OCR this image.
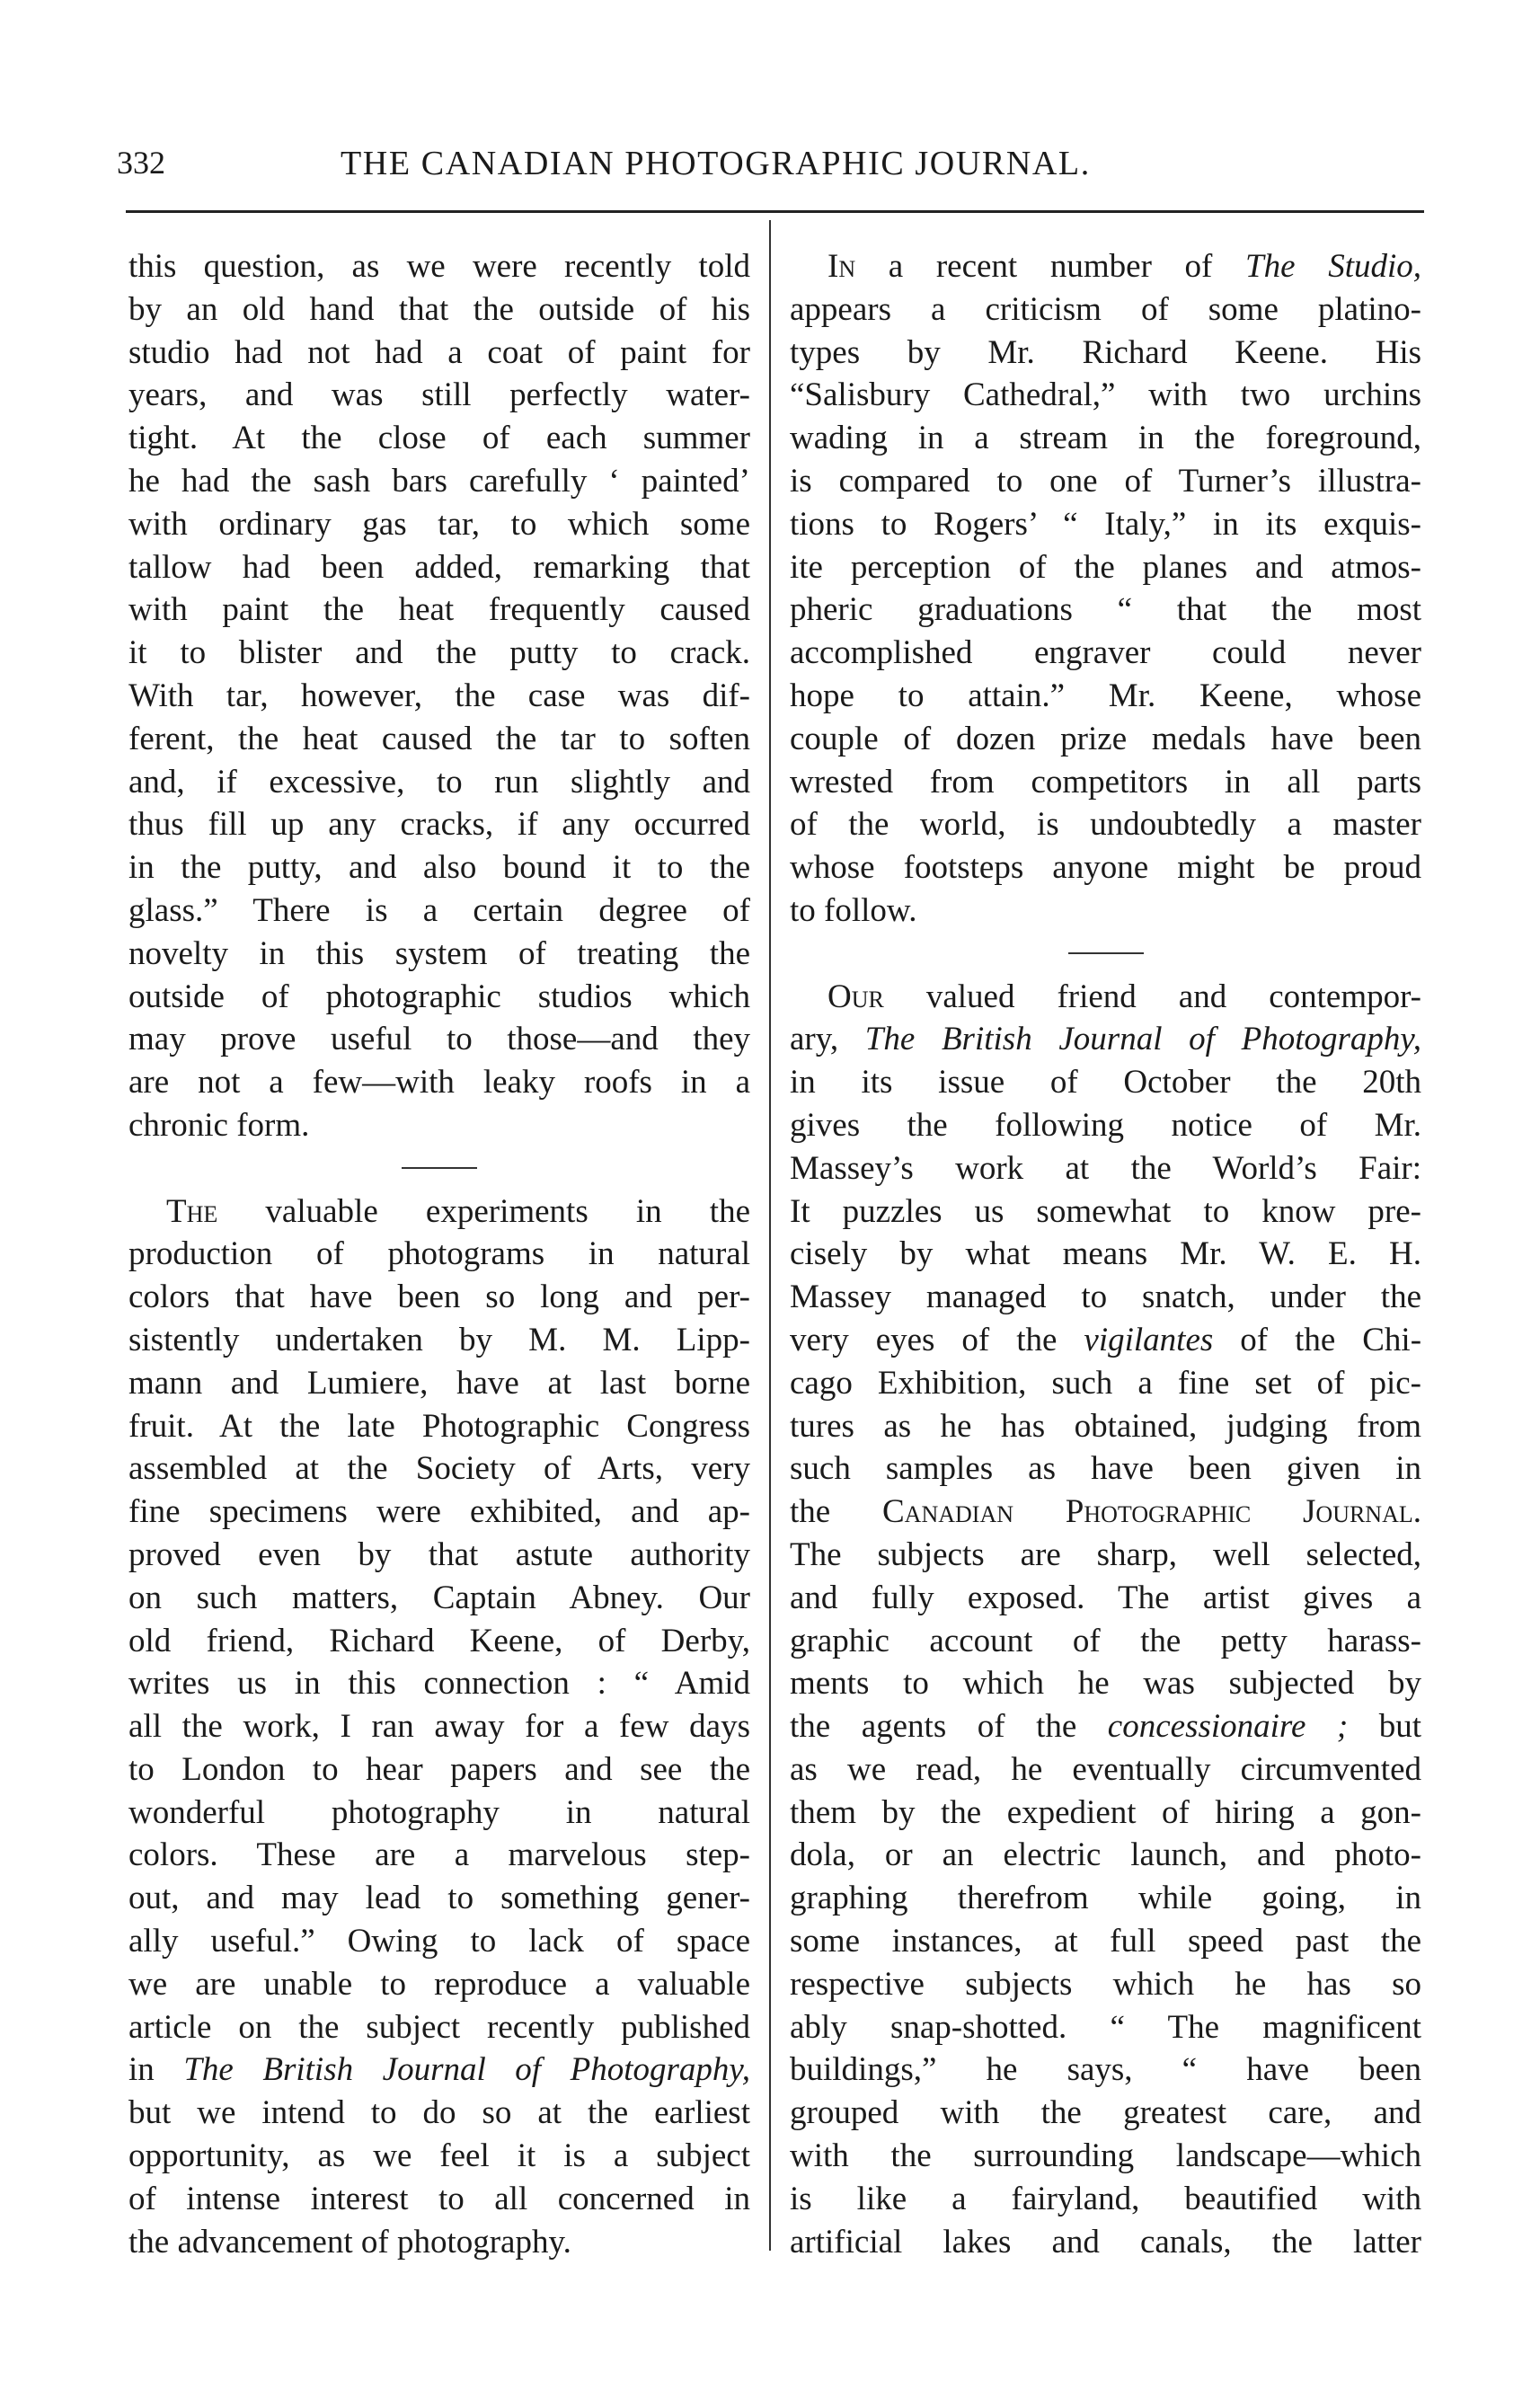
332	THE CANADIAN PHOTOGRAPHIC JOURNAL.
this question, as we were recently told
by an old hand that the outside of his
studio had not had a coat of paint for
years, and was still perfectly water-
tight. At the close of each summer
he had the sash bars carefully ‘ painted’
with ordinary gas tar, to which some
tallow had been added, remarking that
with paint the heat frequently caused
it to blister and the putty to crack.
With tar, however, the case was dif-
ferent, the heat caused the tar to soften
and, if excessive, to run slightly and
thus fill up any cracks, if any occurred
in the putty, and also bound it to the
glass.” There is a certain degree of
novelty in this system of treating the
outside of photographic studios which
may prove useful to those—and they
are not a few—with leaky roofs in a
chronic form.
The valuable experiments in the
production of photograms in natural
colors that have been so long and per-
sistently undertaken by M. M. Lipp-
mann and Lumiere, have at last borne
fruit. At the late Photographic Congress
assembled at the Society of Arts, very
fine specimens were exhibited, and ap-
proved even by that astute authority
on such matters, Captain Abney. Our
old friend, Richard Keene, of Derby,
writes us in this connection : “ Amid
all the work, I ran away for a few days
to London to hear papers and see the
wonderful photography in natural
colors. These are a marvelous step-
out, and may lead to something gener-
ally useful.” Owing to lack of space
we are unable to reproduce a valuable
article on the subject recently published
in The British Journal of Photography,
but we intend to do so at the earliest
opportunity, as we feel it is a subject
of intense interest to all concerned in
the advancement of photography.
In a recent number of The Studio,
appears a criticism of some platino-
types by Mr. Richard Keene. His
“Salisbury Cathedral,” with two urchins
wading in a stream in the foreground,
is compared to one of Turner’s illustra-
tions to Rogers’ “ Italy,” in its exquis-
ite perception of the planes and atmos-
pheric graduations “ that the most
accomplished engraver could never
hope to attain.” Mr. Keene, whose
couple of dozen prize medals have been
wrested from competitors in all parts
of the world, is undoubtedly a master
whose footsteps anyone might be proud
to follow.
Our valued friend and contempor-
ary, The British Journal of Photography,
in its issue of October the 20th
gives the following notice of Mr.
Massey’s work at the World’s Fair:
It puzzles us somewhat to know pre-
cisely by what means Mr. W. E. H.
Massey managed to snatch, under the
very eyes of the vigilantes of the Chi-
cago Exhibition, such a fine set of pic-
tures as he has obtained, judging from
such samples as have been given in
the Canadian Photographic Journal.
The subjects are sharp, well selected,
and fully exposed. The artist gives a
graphic account of the petty harass-
ments to which he was subjected by
the agents of the concessionaire ; but
as we read, he eventually circumvented
them by the expedient of hiring a gon-
dola, or an electric launch, and photo-
graphing therefrom while going, in
some instances, at full speed past the
respective subjects which he has so
ably snap-shotted. “ The magnificent
buildings,” he says, “ have been
grouped with the greatest care, and
with the surrounding landscape—which
is like a fairyland, beautified with
artificial lakes and canals, the latter
